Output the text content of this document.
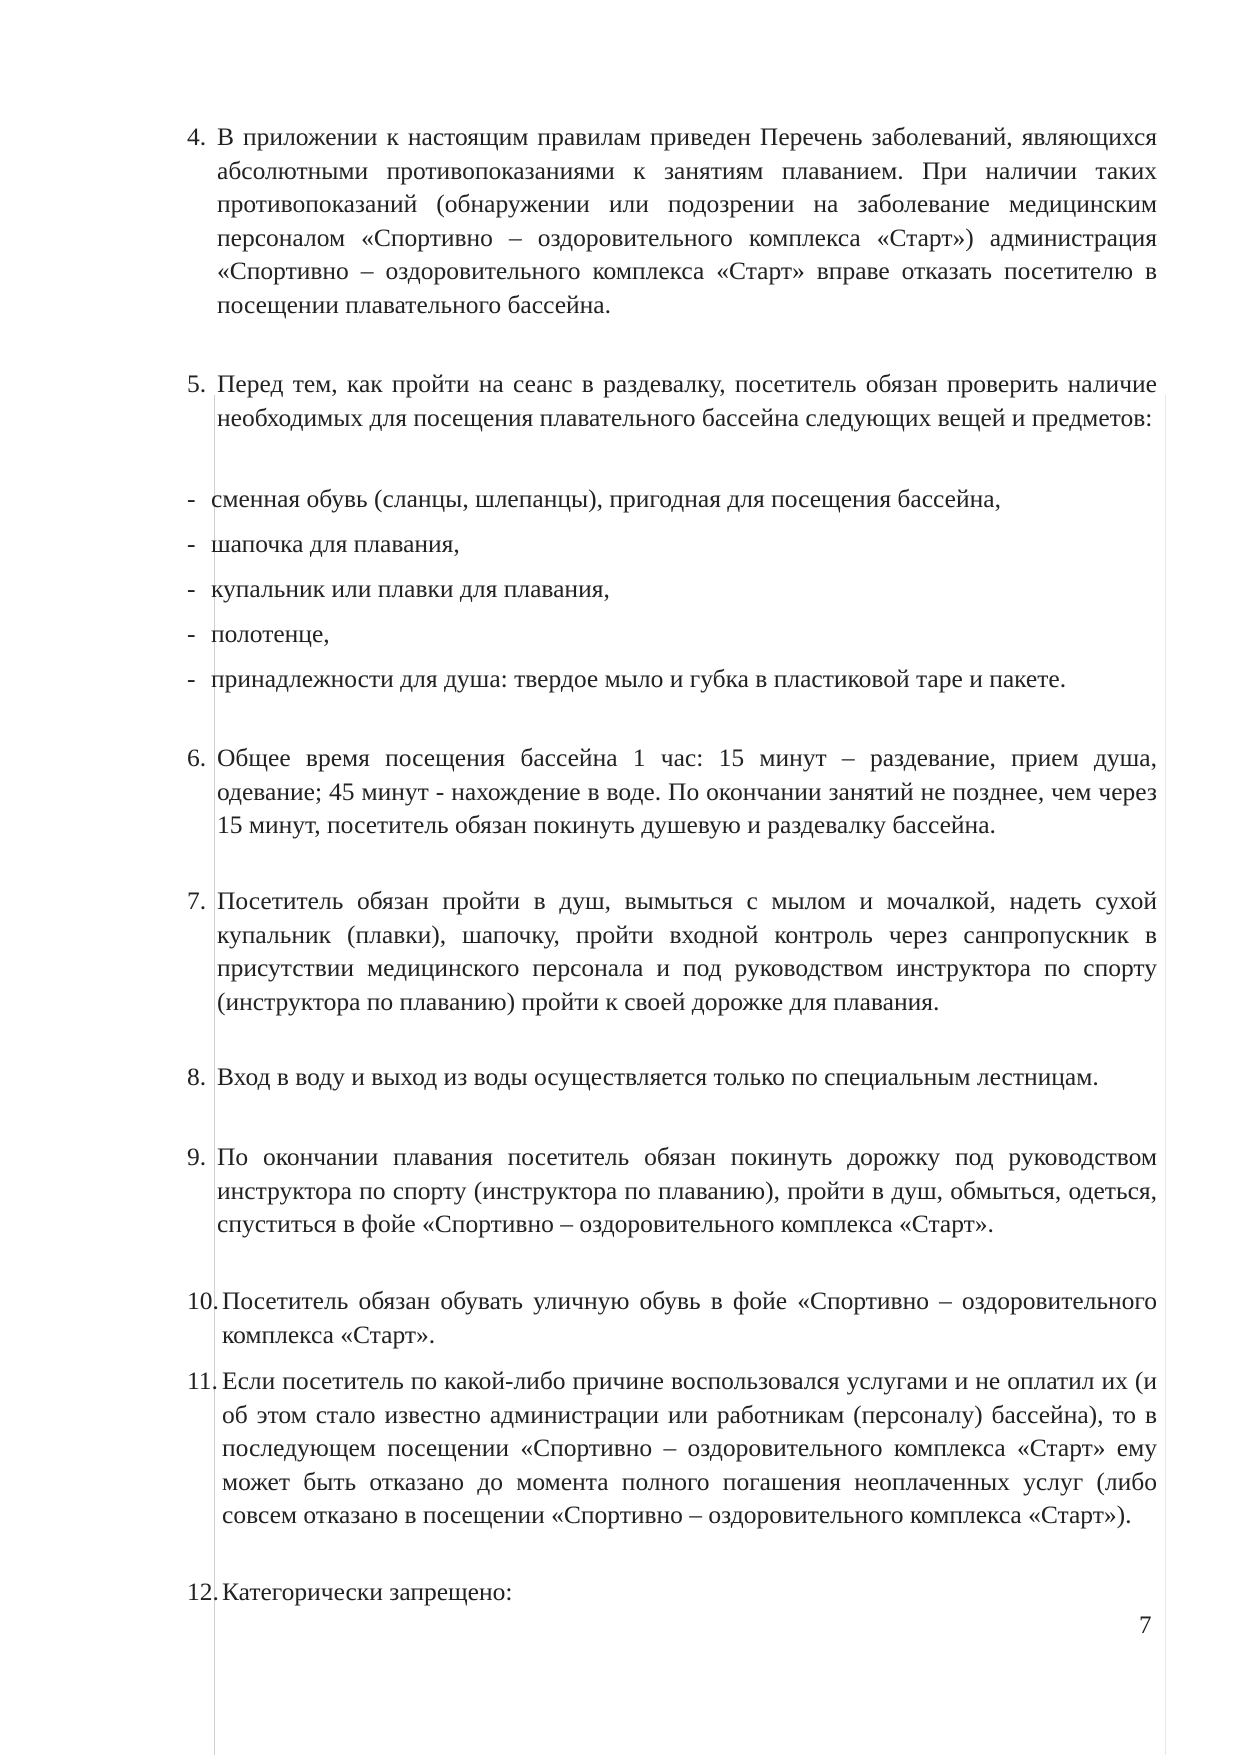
4. В приложении к настоящим правилам приведен Перечень заболеваний, являющихся абсолютными противопоказаниями к занятиям плаванием. При наличии таких противопоказаний (обнаружении или подозрении на заболевание медицинским персоналом «Спортивно – оздоровительного комплекса «Старт») администрация «Спортивно – оздоровительного комплекса «Старт» вправе отказать посетителю в посещении плавательного бассейна.
5. Перед тем, как пройти на сеанс в раздевалку, посетитель обязан проверить наличие необходимых для посещения плавательного бассейна следующих вещей и предметов:
- сменная обувь (сланцы, шлепанцы), пригодная для посещения бассейна,
- шапочка для плавания,
- купальник или плавки для плавания,
- полотенце,
- принадлежности для душа: твердое мыло и губка в пластиковой таре и пакете.
6. Общее время посещения бассейна 1 час: 15 минут – раздевание, прием душа, одевание; 45 минут - нахождение в воде. По окончании занятий не позднее, чем через 15 минут, посетитель обязан покинуть душевую и раздевалку бассейна.
7. Посетитель обязан пройти в душ, вымыться с мылом и мочалкой, надеть сухой купальник (плавки), шапочку, пройти входной контроль через санпропускник в присутствии медицинского персонала и под руководством инструктора по спорту (инструктора по плаванию) пройти к своей дорожке для плавания.
8. Вход в воду и выход из воды осуществляется только по специальным лестницам.
9. По окончании плавания посетитель обязан покинуть дорожку под руководством инструктора по спорту (инструктора по плаванию), пройти в душ, обмыться, одеться, спуститься в фойе «Спортивно – оздоровительного комплекса «Старт».
10. Посетитель обязан обувать уличную обувь в фойе «Спортивно – оздоровительного комплекса «Старт».
11. Если посетитель по какой-либо причине воспользовался услугами и не оплатил их (и об этом стало известно администрации или работникам (персоналу) бассейна), то в последующем посещении «Спортивно – оздоровительного комплекса «Старт» ему может быть отказано до момента полного погашения неоплаченных услуг (либо совсем отказано в посещении «Спортивно – оздоровительного комплекса «Старт»).
12. Категорически запрещено:
7
